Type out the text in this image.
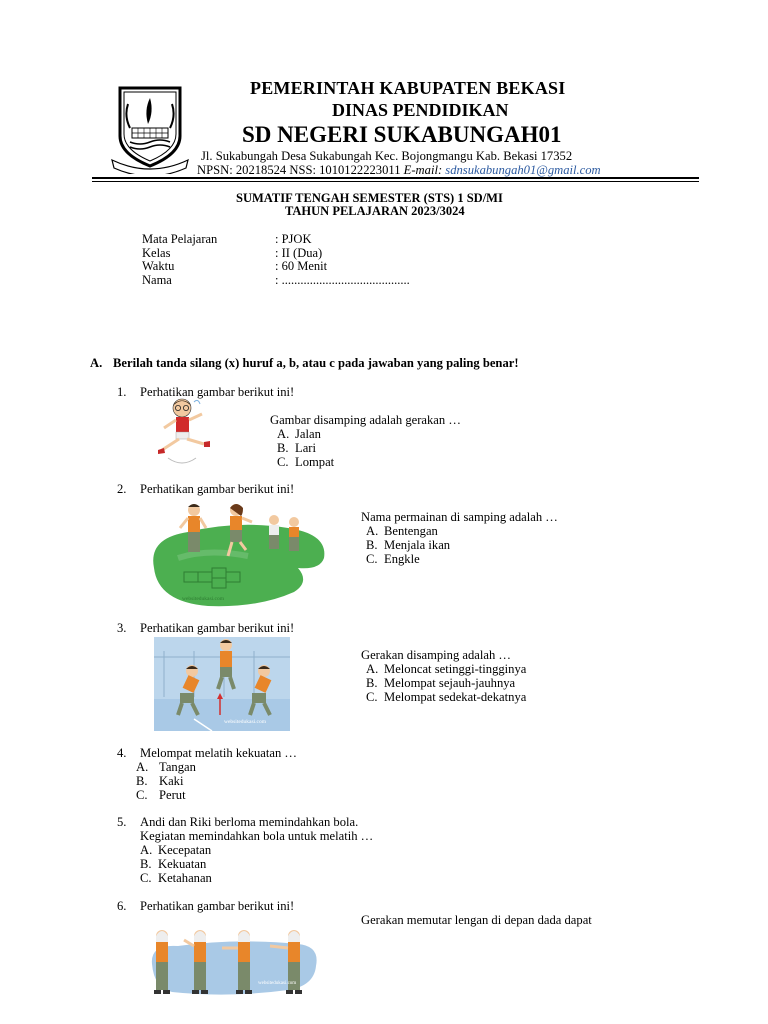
PEMERINTAH KABUPATEN BEKASI
DINAS PENDIDIKAN
SD NEGERI SUKABUNGAH01
Jl. Sukabungah Desa Sukabungah Kec. Bojongmangu Kab. Bekasi 17352
NPSN: 20218524 NSS: 1010122223011 E-mail: sdnsukabungah01@gmail.com
SUMATIF TENGAH SEMESTER (STS) 1 SD/MI
TAHUN PELAJARAN 2023/3024
Mata Pelajaran
Kelas
Waktu
Nama
: PJOK
: II (Dua)
: 60 Menit
: .........................................
A. Berilah tanda silang (x) huruf a, b, atau c pada jawaban yang paling benar!
1. Perhatikan gambar berikut ini!
Gambar disamping adalah gerakan …
A. Jalan
B. Lari
C. Lompat
2. Perhatikan gambar berikut ini!
websitedukasi.com
Nama permainan di samping adalah …
A. Bentengan
B. Menjala ikan
C. Engkle
3. Perhatikan gambar berikut ini!
websitedukasi.com
Gerakan disamping adalah …
A. Meloncat setinggi-tingginya
B. Melompat sejauh-jauhnya
C. Melompat sedekat-dekatnya
4. Melompat melatih kekuatan …
A. Tangan
B. Kaki
C. Perut
5. Andi dan Riki berloma memindahkan bola.
Kegiatan memindahkan bola untuk melatih …
A. Kecepatan
B. Kekuatan
C. Ketahanan
6. Perhatikan gambar berikut ini!
Gerakan memutar lengan di depan dada dapat
websitedukasi.com
